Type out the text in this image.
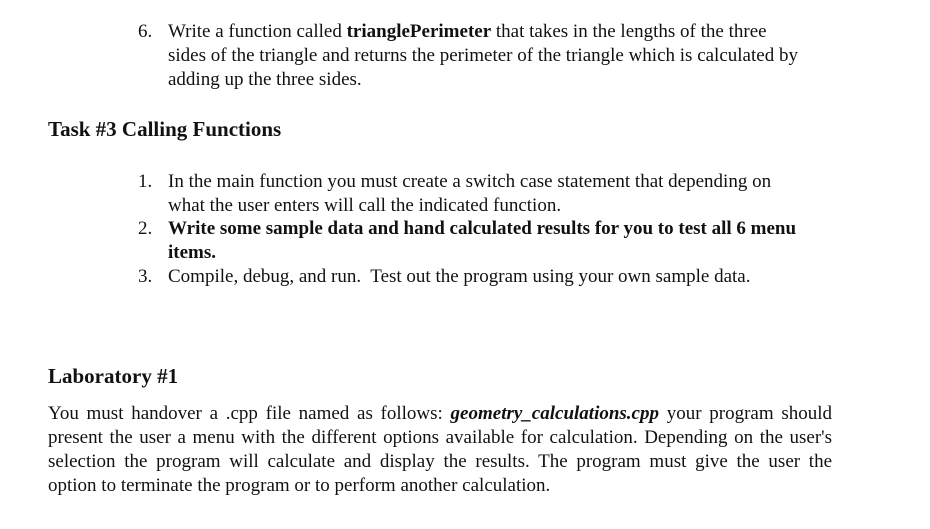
6. Write a function called trianglePerimeter that takes in the lengths of the three
sides of the triangle and returns the perimeter of the triangle which is calculated by
adding up the three sides.
Task #3 Calling Functions
1. In the main function you must create a switch case statement that depending on
what the user enters will call the indicated function.
2. Write some sample data and hand calculated results for you to test all 6 menu
items.
3. Compile, debug, and run.  Test out the program using your own sample data.
Laboratory #1
You must handover a .cpp file named as follows: geometry_calculations.cpp your program should
present the user a menu with the different options available for calculation. Depending on the user's
selection the program will calculate and display the results. The program must give the user the
option to terminate the program or to perform another calculation.
